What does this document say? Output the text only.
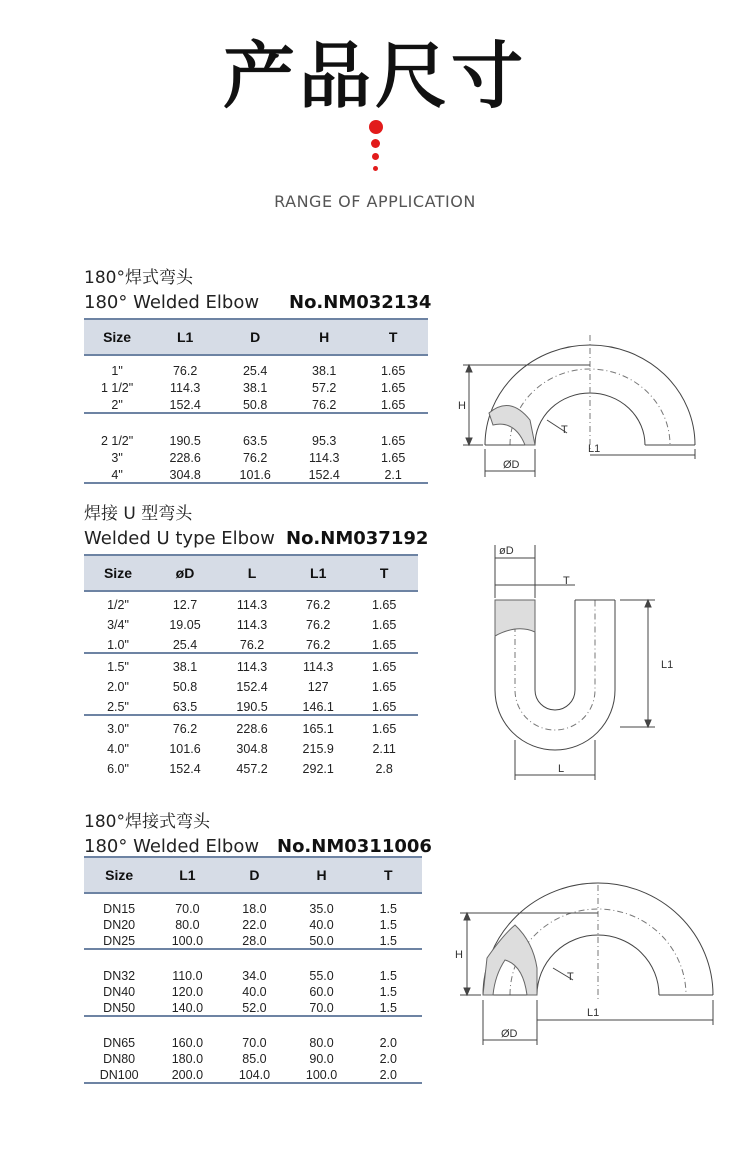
产品尺寸
RANGE OF APPLICATION
180°焊式弯头
180° Welded Elbow No.NM032134
Size	L1	D	H	T
1"	76.2	25.4	38.1	1.65
1 1/2"	114.3	38.1	57.2	1.65
2"	152.4	50.8	76.2	1.65
2 1/2"	190.5	63.5	95.3	1.65
3"	228.6	76.2	114.3	1.65
4"	304.8	101.6	152.4	2.1
焊接 U 型弯头
Welded U type Elbow No.NM037192
Size	øD	L	L1	T
1/2"	12.7	114.3	76.2	1.65
3/4"	19.05	114.3	76.2	1.65
1.0"	25.4	76.2	76.2	1.65
1.5"	38.1	114.3	114.3	1.65
2.0"	50.8	152.4	127	1.65
2.5"	63.5	190.5	146.1	1.65
3.0"	76.2	228.6	165.1	1.65
4.0"	101.6	304.8	215.9	2.11
6.0"	152.4	457.2	292.1	2.8
180°焊接式弯头
180° Welded Elbow No.NM0311006
Size	L1	D	H	T
DN15	70.0	18.0	35.0	1.5
DN20	80.0	22.0	40.0	1.5
DN25	100.0	28.0	50.0	1.5
DN32	110.0	34.0	55.0	1.5
DN40	120.0	40.0	60.0	1.5
DN50	140.0	52.0	70.0	1.5
DN65	160.0	70.0	80.0	2.0
DN80	180.0	85.0	90.0	2.0
DN100	200.0	104.0	100.0	2.0
H
T
L1
ØD
øD
T
L1
L
H
T
L1
ØD
